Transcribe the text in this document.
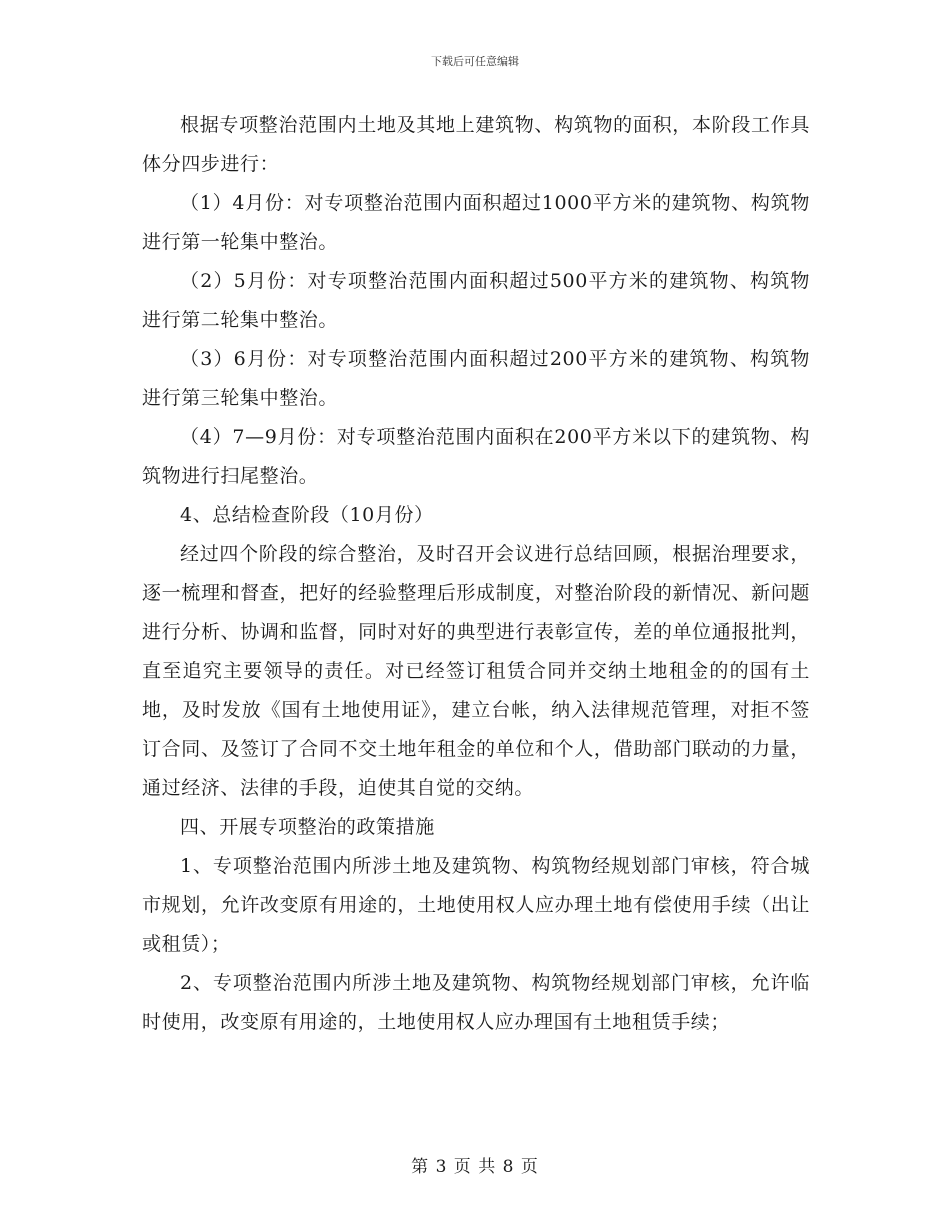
下载后可任意编辑

根据专项整治范围内土地及其地上建筑物、构筑物的面积，本阶段工作具体分四步进行：

（1）4月份：对专项整治范围内面积超过1000平方米的建筑物、构筑物进行第一轮集中整治。

（2）5月份：对专项整治范围内面积超过500平方米的建筑物、构筑物进行第二轮集中整治。

（3）6月份：对专项整治范围内面积超过200平方米的建筑物、构筑物进行第三轮集中整治。

（4）7—9月份：对专项整治范围内面积在200平方米以下的建筑物、构筑物进行扫尾整治。

4、总结检查阶段（10月份）

经过四个阶段的综合整治，及时召开会议进行总结回顾，根据治理要求，逐一梳理和督查，把好的经验整理后形成制度，对整治阶段的新情况、新问题进行分析、协调和监督，同时对好的典型进行表彰宣传，差的单位通报批判，直至追究主要领导的责任。对已经签订租赁合同并交纳土地租金的的国有土地，及时发放《国有土地使用证》，建立台帐，纳入法律规范管理，对拒不签订合同、及签订了合同不交土地年租金的单位和个人，借助部门联动的力量，通过经济、法律的手段，迫使其自觉的交纳。

四、开展专项整治的政策措施

1、专项整治范围内所涉土地及建筑物、构筑物经规划部门审核，符合城市规划，允许改变原有用途的，土地使用权人应办理土地有偿使用手续（出让或租赁）；

2、专项整治范围内所涉土地及建筑物、构筑物经规划部门审核，允许临时使用，改变原有用途的，土地使用权人应办理国有土地租赁手续；

第 3 页 共 8 页
